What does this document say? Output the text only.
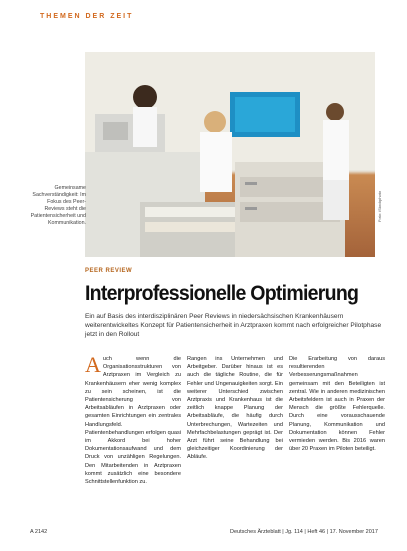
THEMEN DER ZEIT
Foto: iStockphoto
Gemeinsame Sachverständigkeit: Im Fokus des Peer-Reviews steht die Patientensicherheit und Kommunikation.
PEER REVIEW
Interprofessionelle Optimierung
Ein auf Basis des interdisziplinären Peer Reviews in niedersächsischen Krankenhäusern weiterentwickeltes Konzept für Patientensicherheit in Arztpraxen kommt nach erfolgreicher Pilotphase jetzt in den Rollout
Auch wenn die Organisationsstrukturen von Arztpraxen im Vergleich zu Krankenhäusern eher wenig komplex zu sein scheinen, ist die Patientensicherung von Arbeitsabläufen in Arztpraxen oder gesamten Einrichtungen ein zentrales Handlungsfeld. Patientenbehandlungen erfolgen quasi im Akkord bei hoher Dokumentationsaufwand und dem Druck von unzähligen Regelungen. Den Mitarbeitenden in Arztpraxen kommt zusätzlich eine besondere Schnittstellenfunktion zu.
Rangen ins Unternehmen und Arbeitgeber. Darüber hinaus ist es auch die tägliche Routine, die für Fehler und Ungenauigkeiten sorgt. Ein weiterer Unterschied zwischen Arztpraxis und Krankenhaus ist die zeitlich knappe Planung der Arbeitsabläufe, die häufig durch Unterbrechungen, Wartezeiten und Mehrfachbelastungen geprägt ist. Der Arzt führt seine Behandlung bei gleichzeitiger Koordinierung der Abläufe.
Die Erarbeitung von daraus resultierenden Verbesserungsmaßnahmen gemeinsam mit den Beteiligten ist zentral. Wie in anderen medizinischen Arbeitsfeldern ist auch in Praxen der Mensch die größte Fehlerquelle. Durch eine vorausschauende Planung, Kommunikation und Dokumentation können Fehler vermieden werden. Bis 2016 waren über 20 Praxen im Piloten beteiligt.
A 2142	Deutsches Ärzteblatt | Jg. 114 | Heft 46 | 17. November 2017
